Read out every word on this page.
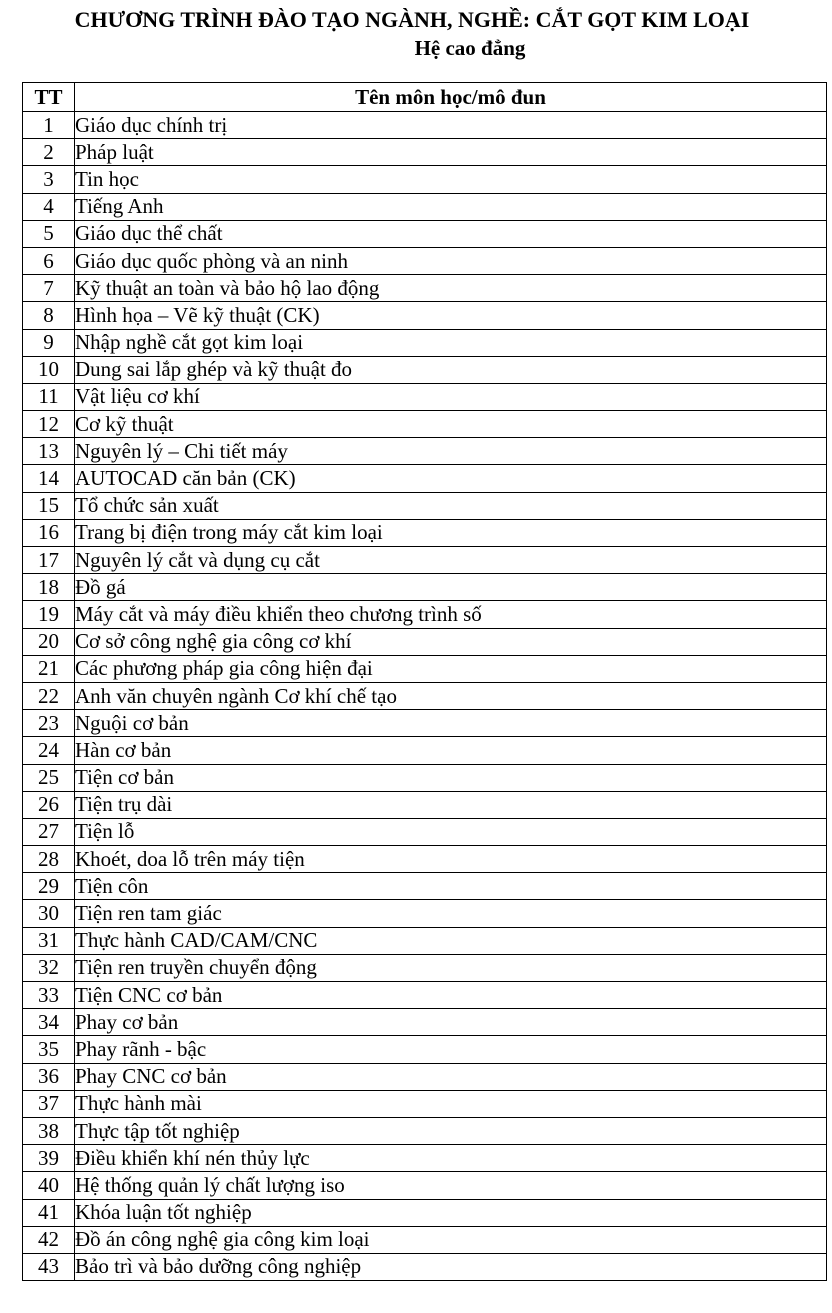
CHƯƠNG TRÌNH ĐÀO TẠO NGÀNH, NGHỀ: CẮT GỌT KIM LOẠI
Hệ cao đẳng
TT	Tên môn học/mô đun
1	Giáo dục chính trị
2	Pháp luật
3	Tin học
4	Tiếng Anh
5	Giáo dục thể chất
6	Giáo dục quốc phòng và an ninh
7	Kỹ thuật an toàn và bảo hộ lao động
8	Hình họa – Vẽ kỹ thuật (CK)
9	Nhập nghề cắt gọt kim loại
10	Dung sai lắp ghép và kỹ thuật đo
11	Vật liệu cơ khí
12	Cơ kỹ thuật
13	Nguyên lý – Chi tiết máy
14	AUTOCAD căn bản (CK)
15	Tổ chức sản xuất
16	Trang bị điện trong máy cắt kim loại
17	Nguyên lý cắt và dụng cụ cắt
18	Đồ gá
19	Máy cắt và máy điều khiển theo chương trình số
20	Cơ sở công nghệ gia công cơ khí
21	Các phương pháp gia công hiện đại
22	Anh văn chuyên ngành Cơ khí chế tạo
23	Nguội cơ bản
24	Hàn cơ bản
25	Tiện cơ bản
26	Tiện trụ dài
27	Tiện lỗ
28	Khoét, doa lỗ trên máy tiện
29	Tiện côn
30	Tiện ren tam giác
31	Thực hành CAD/CAM/CNC
32	Tiện ren truyền chuyển động
33	Tiện CNC cơ bản
34	Phay cơ bản
35	Phay rãnh - bậc
36	Phay CNC cơ bản
37	Thực hành mài
38	Thực tập tốt nghiệp
39	Điều khiển khí nén thủy lực
40	Hệ thống quản lý chất lượng iso
41	Khóa luận tốt nghiệp
42	Đồ án công nghệ gia công kim loại
43	Bảo trì và bảo dưỡng công nghiệp
